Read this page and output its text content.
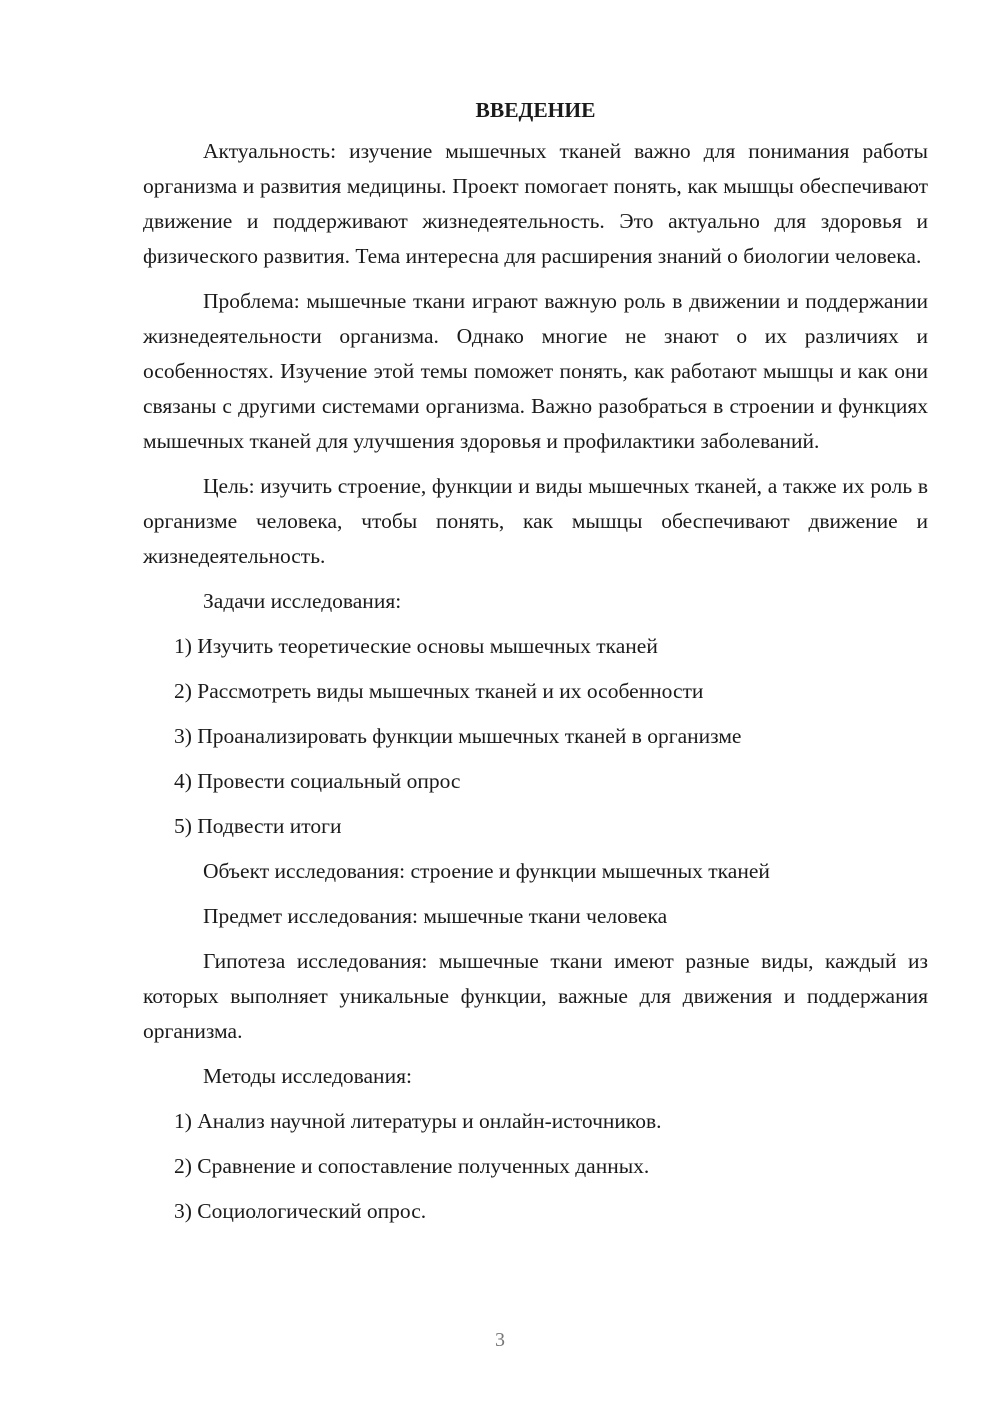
ВВЕДЕНИЕ

Актуальность: изучение мышечных тканей важно для понимания работы организма и развития медицины. Проект помогает понять, как мышцы обеспечивают движение и поддерживают жизнедеятельность. Это актуально для здоровья и физического развития. Тема интересна для расширения знаний о биологии человека.

Проблема: мышечные ткани играют важную роль в движении и поддержании жизнедеятельности организма. Однако многие не знают о их различиях и особенностях. Изучение этой темы поможет понять, как работают мышцы и как они связаны с другими системами организма. Важно разобраться в строении и функциях мышечных тканей для улучшения здоровья и профилактики заболеваний.

Цель: изучить строение, функции и виды мышечных тканей, а также их роль в организме человека, чтобы понять, как мышцы обеспечивают движение и жизнедеятельность.

Задачи исследования:
1) Изучить теоретические основы мышечных тканей
2) Рассмотреть виды мышечных тканей и их особенности
3) Проанализировать функции мышечных тканей в организме
4) Провести социальный опрос
5) Подвести итоги
Объект исследования: строение и функции мышечных тканей
Предмет исследования: мышечные ткани человека

Гипотеза исследования: мышечные ткани имеют разные виды, каждый из которых выполняет уникальные функции, важные для движения и поддержания организма.

Методы исследования:
1) Анализ научной литературы и онлайн-источников.
2) Сравнение и сопоставление полученных данных.
3) Социологический опрос.
3
